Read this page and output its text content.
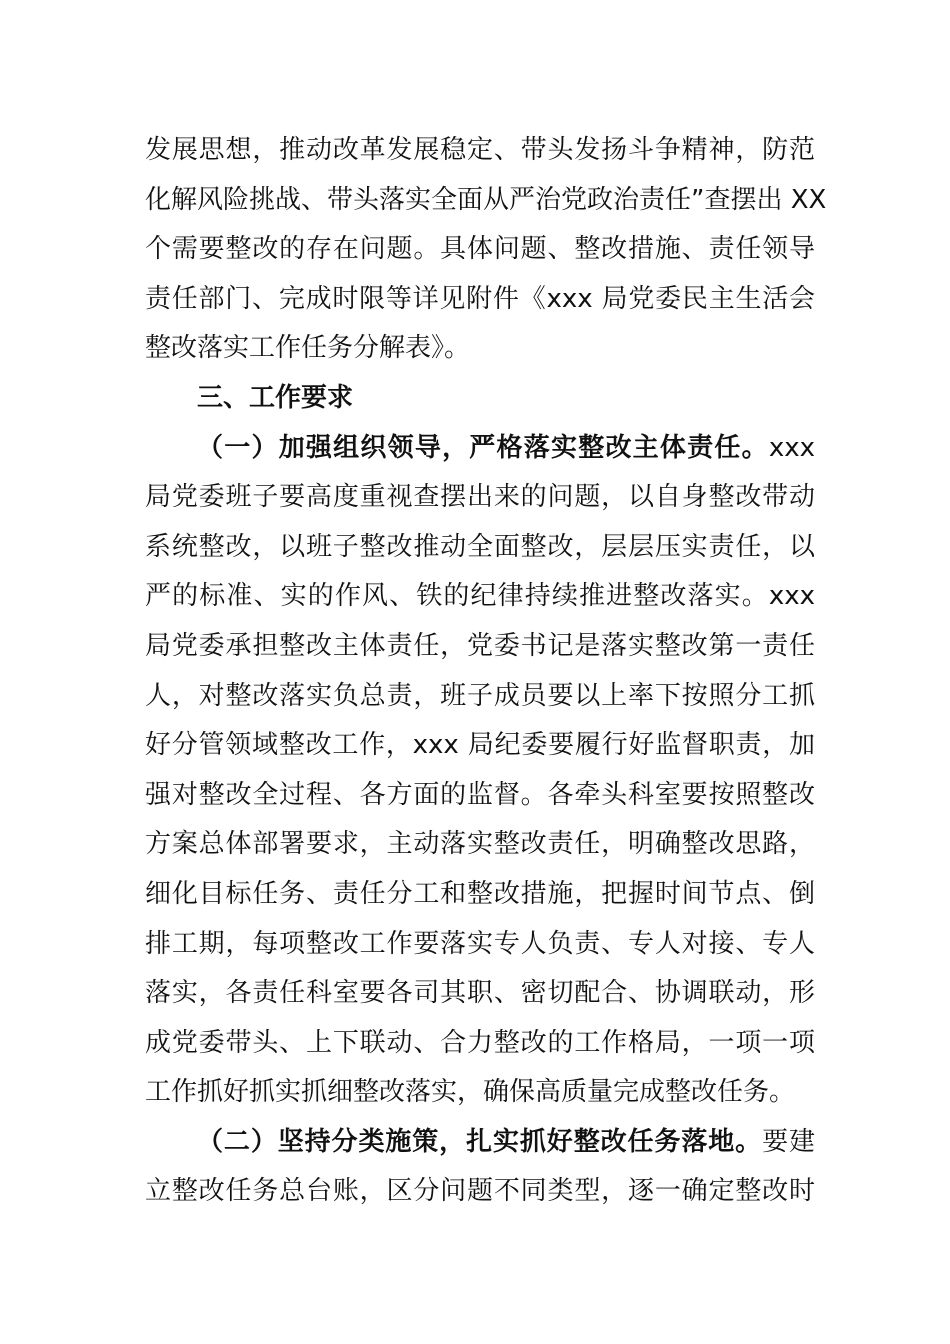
发展思想，推动改革发展稳定、带头发扬斗争精神，防范
化解风险挑战、带头落实全面从严治党政治责任”查摆出 XX
个需要整改的存在问题。具体问题、整改措施、责任领导
责任部门、完成时限等详见附件《xxx 局党委民主生活会
整改落实工作任务分解表》。
三、工作要求
（一）加强组织领导，严格落实整改主体责任。xxx
局党委班子要高度重视查摆出来的问题，以自身整改带动
系统整改，以班子整改推动全面整改，层层压实责任，以
严的标准、实的作风、铁的纪律持续推进整改落实。xxx
局党委承担整改主体责任，党委书记是落实整改第一责任
人，对整改落实负总责，班子成员要以上率下按照分工抓
好分管领域整改工作，xxx 局纪委要履行好监督职责，加
强对整改全过程、各方面的监督。各牵头科室要按照整改
方案总体部署要求，主动落实整改责任，明确整改思路，
细化目标任务、责任分工和整改措施，把握时间节点、倒
排工期，每项整改工作要落实专人负责、专人对接、专人
落实，各责任科室要各司其职、密切配合、协调联动，形
成党委带头、上下联动、合力整改的工作格局，一项一项
工作抓好抓实抓细整改落实，确保高质量完成整改任务。
（二）坚持分类施策，扎实抓好整改任务落地。要建
立整改任务总台账，区分问题不同类型，逐一确定整改时
